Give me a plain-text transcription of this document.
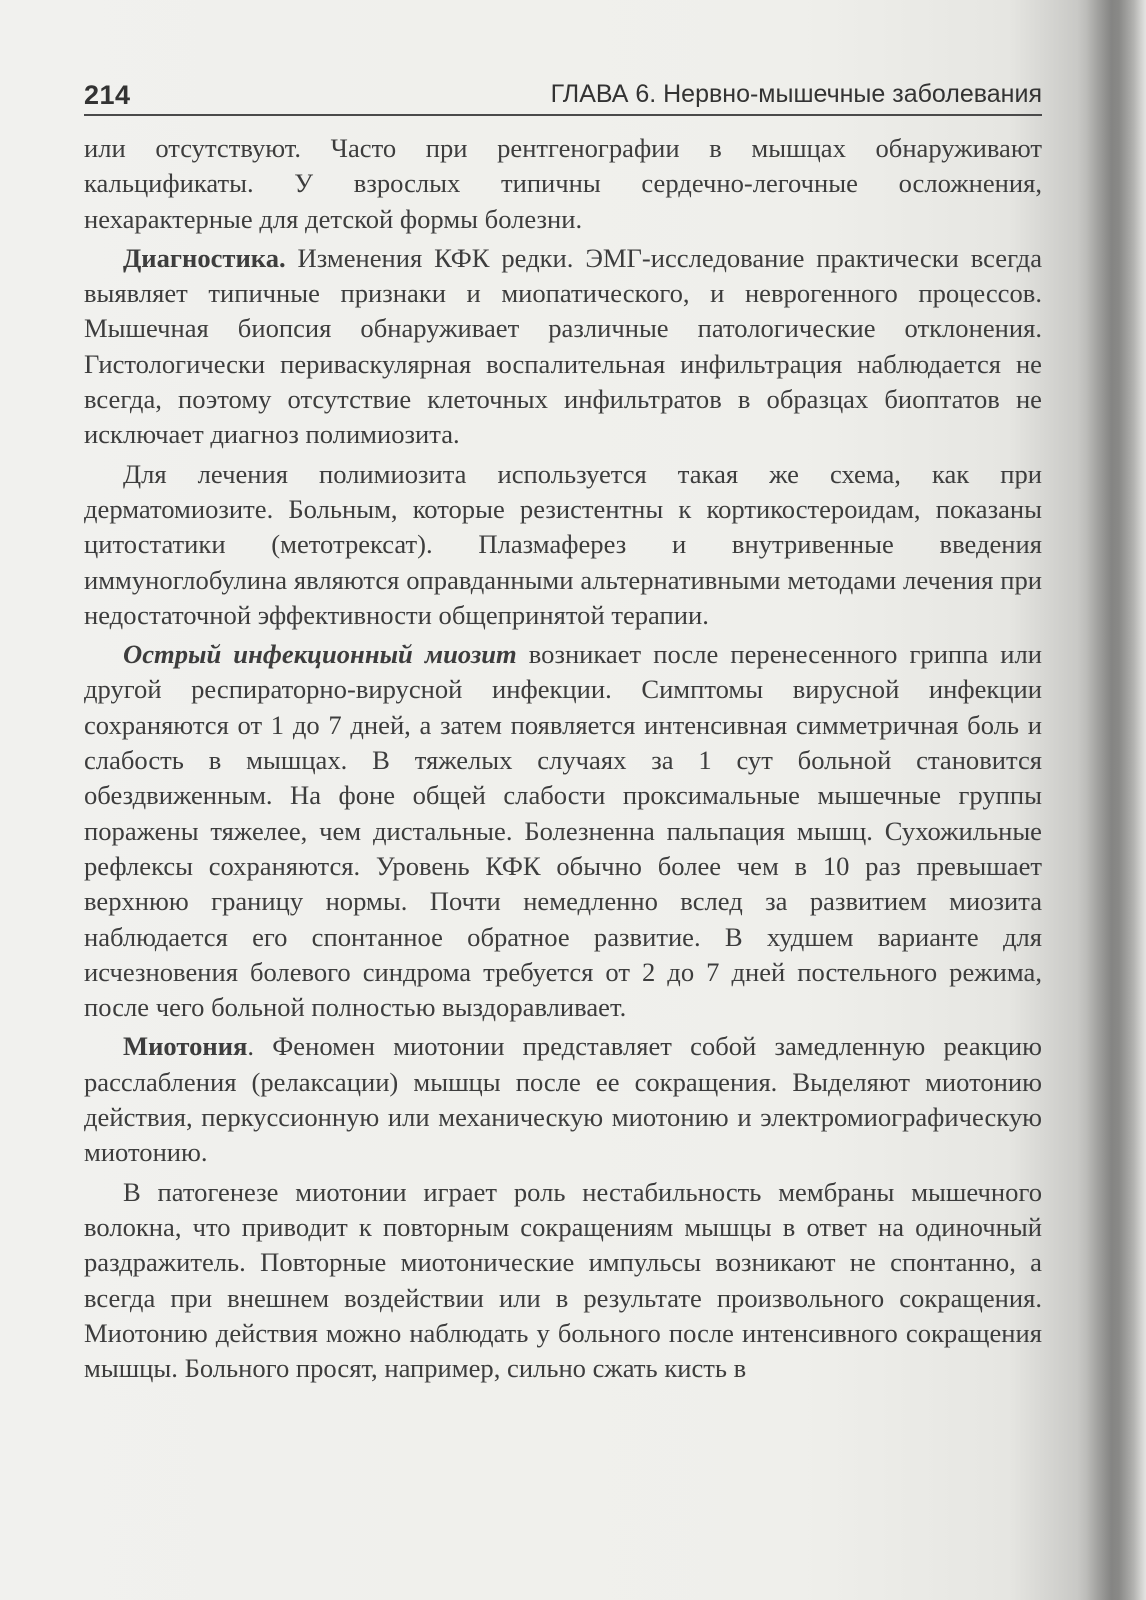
214	ГЛАВА 6. Нервно-мышечные заболевания

или отсутствуют. Часто при рентгенографии в мышцах обнаруживают кальцификаты. У взрослых типичны сердечно-легочные осложнения, нехарактерные для детской формы болезни.

Диагностика. Изменения КФК редки. ЭМГ-исследование практически всегда выявляет типичные признаки и миопатического, и неврогенного процессов. Мышечная биопсия обнаруживает различные патологические отклонения. Гистологически периваскулярная воспалительная инфильтрация наблюдается не всегда, поэтому отсутствие клеточных инфильтратов в образцах биоптатов не исключает диагноз полимиозита.

Для лечения полимиозита используется такая же схема, как при дерматомиозите. Больным, которые резистентны к кортикостероидам, показаны цитостатики (метотрексат). Плазмаферез и внутривенные введения иммуноглобулина являются оправданными альтернативными методами лечения при недостаточной эффективности общепринятой терапии.

Острый инфекционный миозит возникает после перенесенного гриппа или другой респираторно-вирусной инфекции. Симптомы вирусной инфекции сохраняются от 1 до 7 дней, а затем появляется интенсивная симметричная боль и слабость в мышцах. В тяжелых случаях за 1 сут больной становится обездвиженным. На фоне общей слабости проксимальные мышечные группы поражены тяжелее, чем дистальные. Болезненна пальпация мышц. Сухожильные рефлексы сохраняются. Уровень КФК обычно более чем в 10 раз превышает верхнюю границу нормы. Почти немедленно вслед за развитием миозита наблюдается его спонтанное обратное развитие. В худшем варианте для исчезновения болевого синдрома требуется от 2 до 7 дней постельного режима, после чего больной полностью выздоравливает.

Миотония. Феномен миотонии представляет собой замедленную реакцию расслабления (релаксации) мышцы после ее сокращения. Выделяют миотонию действия, перкуссионную или механическую миотонию и электромиографическую миотонию.

В патогенезе миотонии играет роль нестабильность мембраны мышечного волокна, что приводит к повторным сокращениям мышцы в ответ на одиночный раздражитель. Повторные миотонические импульсы возникают не спонтанно, а всегда при внешнем воздействии или в результате произвольного сокращения. Миотонию действия можно наблюдать у больного после интенсивного сокращения мышцы. Больного просят, например, сильно сжать кисть в
